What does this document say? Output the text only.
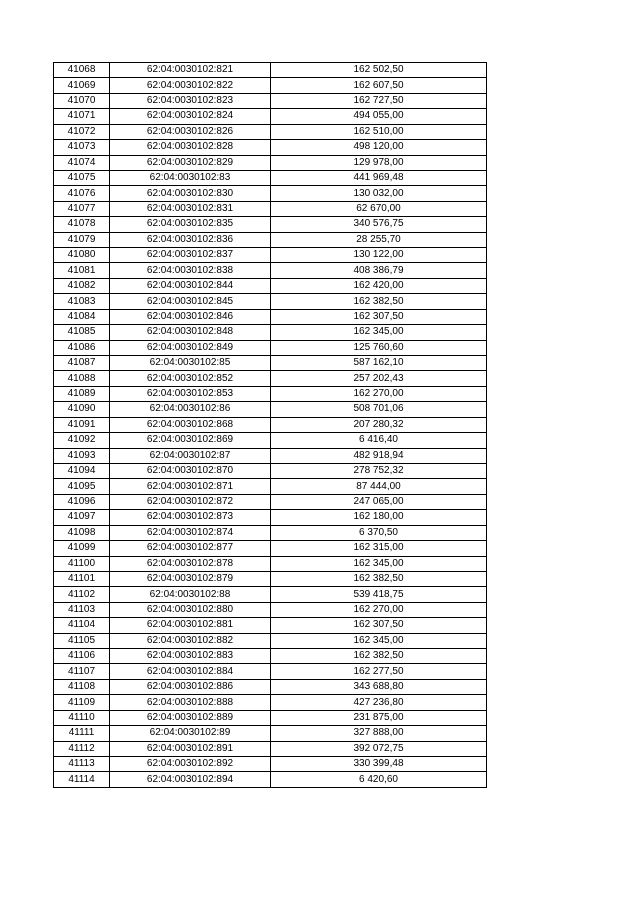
41068	62:04:0030102:821	162 502,50
41069	62:04:0030102:822	162 607,50
41070	62:04:0030102:823	162 727,50
41071	62:04:0030102:824	494 055,00
41072	62:04:0030102:826	162 510,00
41073	62:04:0030102:828	498 120,00
41074	62:04:0030102:829	129 978,00
41075	62:04:0030102:83	441 969,48
41076	62:04:0030102:830	130 032,00
41077	62:04:0030102:831	62 670,00
41078	62:04:0030102:835	340 576,75
41079	62:04:0030102:836	28 255,70
41080	62:04:0030102:837	130 122,00
41081	62:04:0030102:838	408 386,79
41082	62:04:0030102:844	162 420,00
41083	62:04:0030102:845	162 382,50
41084	62:04:0030102:846	162 307,50
41085	62:04:0030102:848	162 345,00
41086	62:04:0030102:849	125 760,60
41087	62:04:0030102:85	587 162,10
41088	62:04:0030102:852	257 202,43
41089	62:04:0030102:853	162 270,00
41090	62:04:0030102:86	508 701,06
41091	62:04:0030102:868	207 280,32
41092	62:04:0030102:869	6 416,40
41093	62:04:0030102:87	482 918,94
41094	62:04:0030102:870	278 752,32
41095	62:04:0030102:871	87 444,00
41096	62:04:0030102:872	247 065,00
41097	62:04:0030102:873	162 180,00
41098	62:04:0030102:874	6 370,50
41099	62:04:0030102:877	162 315,00
41100	62:04:0030102:878	162 345,00
41101	62:04:0030102:879	162 382,50
41102	62:04:0030102:88	539 418,75
41103	62:04:0030102:880	162 270,00
41104	62:04:0030102:881	162 307,50
41105	62:04:0030102:882	162 345,00
41106	62:04:0030102:883	162 382,50
41107	62:04:0030102:884	162 277,50
41108	62:04:0030102:886	343 688,80
41109	62:04:0030102:888	427 236,80
41110	62:04:0030102:889	231 875,00
41111	62:04:0030102:89	327 888,00
41112	62:04:0030102:891	392 072,75
41113	62:04:0030102:892	330 399,48
41114	62:04:0030102:894	6 420,60
